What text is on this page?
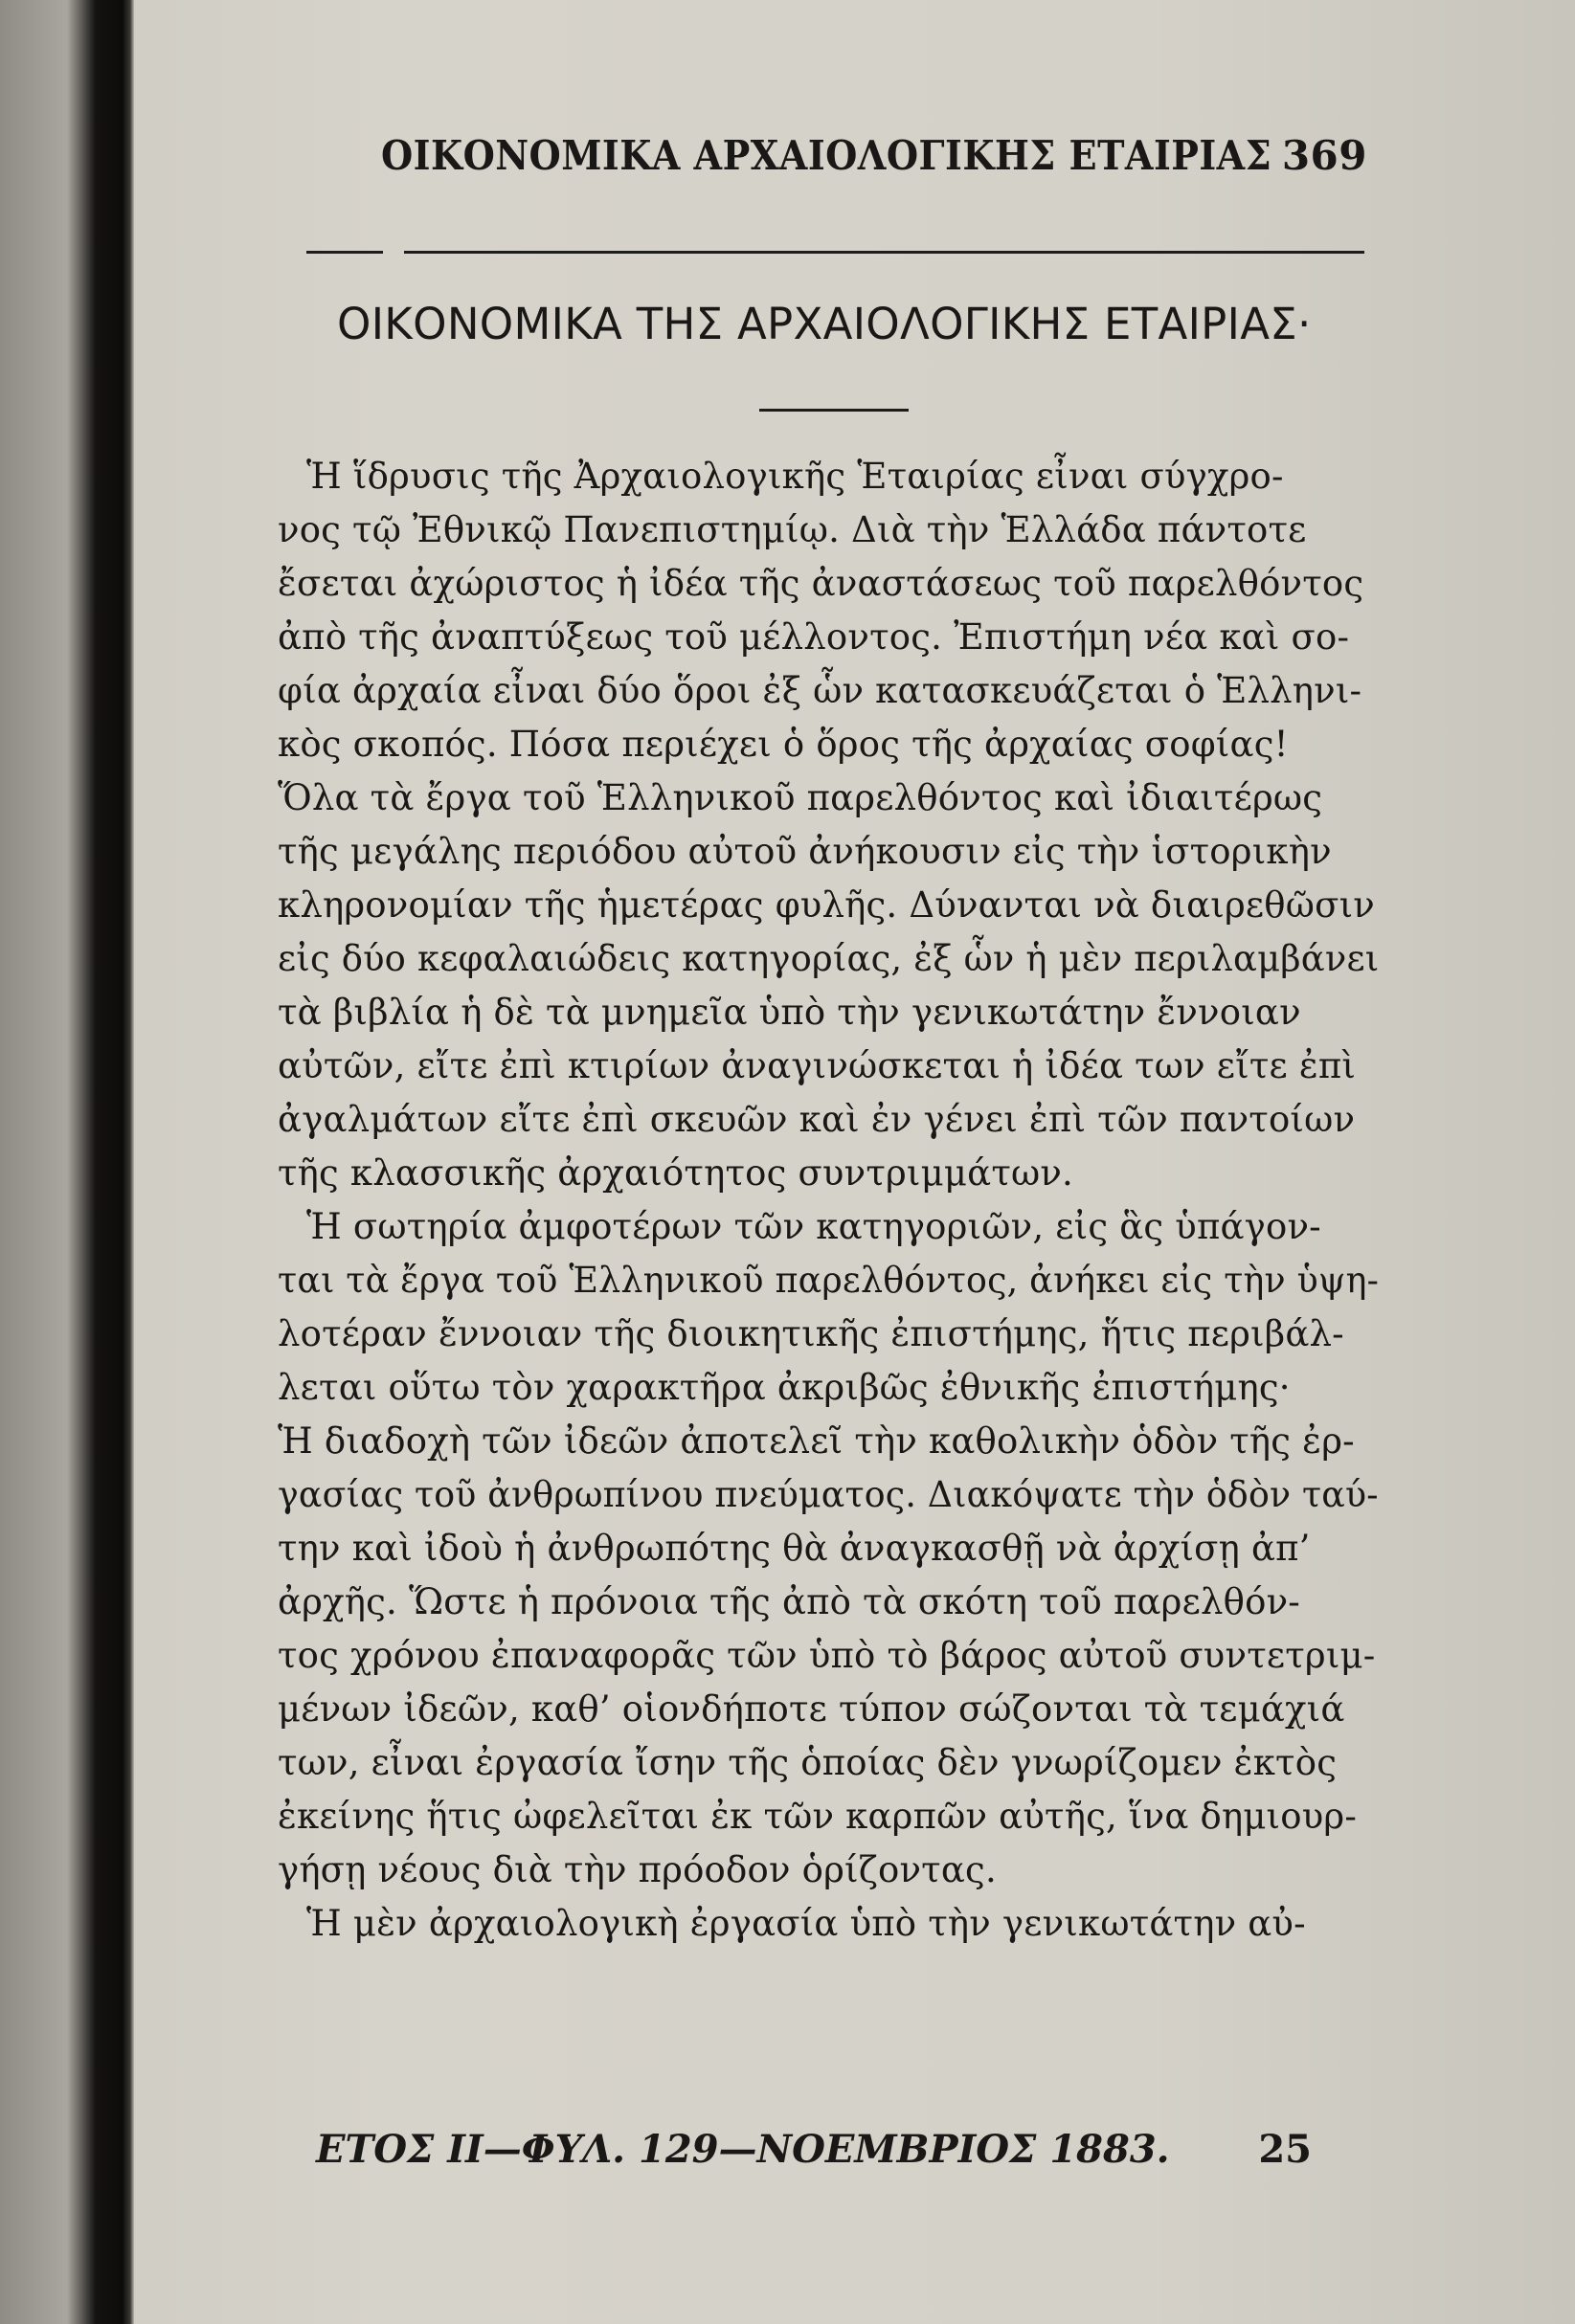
ΟΙΚΟΝΟΜΙΚΑ ΑΡΧΑΙΟΛΟΓΙΚΗΣ ΕΤΑΙΡΙΑΣ 369
ΟΙΚΟΝΟΜΙΚΑ ΤΗΣ ΑΡΧΑΙΟΛΟΓΙΚΗΣ ΕΤΑΙΡΙΑΣ·
Ἡ ἵδρυσις τῆς Ἀρχαιολογικῆς Ἑταιρίας εἶναι σύγχρο-
νος τῷ Ἐθνικῷ Πανεπιστημίῳ. Διὰ τὴν Ἑλλάδα πάντοτε
ἔσεται ἀχώριστος ἡ ἰδέα τῆς ἀναστάσεως τοῦ παρελθόντος
ἀπὸ τῆς ἀναπτύξεως τοῦ μέλλοντος. Ἐπιστήμη νέα καὶ σο-
φία ἀρχαία εἶναι δύο ὅροι ἐξ ὧν κατασκευάζεται ὁ Ἑλληνι-
κὸς σκοπός. Πόσα περιέχει ὁ ὅρος τῆς ἀρχαίας σοφίας!
Ὅλα τὰ ἔργα τοῦ Ἑλληνικοῦ παρελθόντος καὶ ἰδιαιτέρως
τῆς μεγάλης περιόδου αὐτοῦ ἀνήκουσιν εἰς τὴν ἱστορικὴν
κληρονομίαν τῆς ἡμετέρας φυλῆς. Δύνανται νὰ διαιρεθῶσιν
εἰς δύο κεφαλαιώδεις κατηγορίας, ἐξ ὧν ἡ μὲν περιλαμβάνει
τὰ βιβλία ἡ δὲ τὰ μνημεῖα ὑπὸ τὴν γενικωτάτην ἔννοιαν
αὐτῶν, εἴτε ἐπὶ κτιρίων ἀναγινώσκεται ἡ ἰδέα των εἴτε ἐπὶ
ἀγαλμάτων εἴτε ἐπὶ σκευῶν καὶ ἐν γένει ἐπὶ τῶν παντοίων
τῆς κλασσικῆς ἀρχαιότητος συντριμμάτων.
Ἡ σωτηρία ἀμφοτέρων τῶν κατηγοριῶν, εἰς ἃς ὑπάγον-
ται τὰ ἔργα τοῦ Ἑλληνικοῦ παρελθόντος, ἀνήκει εἰς τὴν ὑψη-
λοτέραν ἔννοιαν τῆς διοικητικῆς ἐπιστήμης, ἥτις περιβάλ-
λεται οὕτω τὸν χαρακτῆρα ἀκριβῶς ἐθνικῆς ἐπιστήμης·
Ἡ διαδοχὴ τῶν ἰδεῶν ἀποτελεῖ τὴν καθολικὴν ὁδὸν τῆς ἐρ-
γασίας τοῦ ἀνθρωπίνου πνεύματος. Διακόψατε τὴν ὁδὸν ταύ-
την καὶ ἰδοὺ ἡ ἀνθρωπότης θὰ ἀναγκασθῇ νὰ ἀρχίσῃ ἀπ’
ἀρχῆς. Ὥστε ἡ πρόνοια τῆς ἀπὸ τὰ σκότη τοῦ παρελθόν-
τος χρόνου ἐπαναφορᾶς τῶν ὑπὸ τὸ βάρος αὐτοῦ συντετριμ-
μένων ἰδεῶν, καθ’ οἱονδήποτε τύπον σώζονται τὰ τεμάχιά
των, εἶναι ἐργασία ἴσην τῆς ὁποίας δὲν γνωρίζομεν ἐκτὸς
ἐκείνης ἥτις ὠφελεῖται ἐκ τῶν καρπῶν αὐτῆς, ἵνα δημιουρ-
γήσῃ νέους διὰ τὴν πρόοδον ὁρίζοντας.
Ἡ μὲν ἀρχαιολογικὴ ἐργασία ὑπὸ τὴν γενικωτάτην αὐ-
ΕΤΟΣ ΙΙ—ΦΥΛ. 129—ΝΟΕΜΒΡΙΟΣ 1883. 25
